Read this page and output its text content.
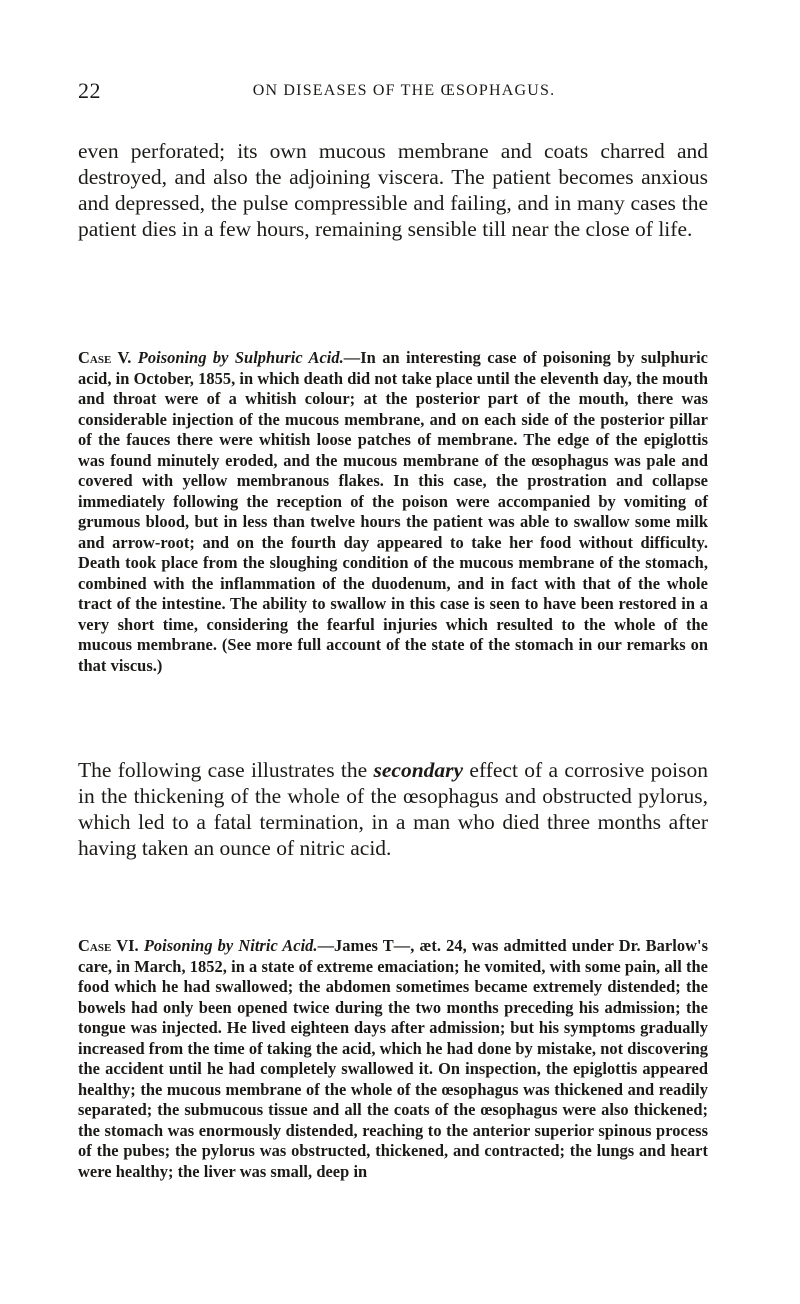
22	ON DISEASES OF THE ŒSOPHAGUS.

even perforated; its own mucous membrane and coats charred and destroyed, and also the adjoining viscera. The patient becomes anxious and depressed, the pulse compressible and failing, and in many cases the patient dies in a few hours, remaining sensible till near the close of life.

Case V. Poisoning by Sulphuric Acid.—In an interesting case of poisoning by sulphuric acid, in October, 1855, in which death did not take place until the eleventh day, the mouth and throat were of a whitish colour; at the posterior part of the mouth, there was considerable injection of the mucous membrane, and on each side of the posterior pillar of the fauces there were whitish loose patches of membrane. The edge of the epiglottis was found minutely eroded, and the mucous membrane of the œsophagus was pale and covered with yellow membranous flakes. In this case, the prostration and collapse immediately following the reception of the poison were accompanied by vomiting of grumous blood, but in less than twelve hours the patient was able to swallow some milk and arrow-root; and on the fourth day appeared to take her food without difficulty. Death took place from the sloughing condition of the mucous membrane of the stomach, combined with the inflammation of the duodenum, and in fact with that of the whole tract of the intestine. The ability to swallow in this case is seen to have been restored in a very short time, considering the fearful injuries which resulted to the whole of the mucous membrane. (See more full account of the state of the stomach in our remarks on that viscus.)

The following case illustrates the secondary effect of a corrosive poison in the thickening of the whole of the œsophagus and obstructed pylorus, which led to a fatal termination, in a man who died three months after having taken an ounce of nitric acid.

Case VI. Poisoning by Nitric Acid.—James T—, æt. 24, was admitted under Dr. Barlow's care, in March, 1852, in a state of extreme emaciation; he vomited, with some pain, all the food which he had swallowed; the abdomen sometimes became extremely distended; the bowels had only been opened twice during the two months preceding his admission; the tongue was injected. He lived eighteen days after admission; but his symptoms gradually increased from the time of taking the acid, which he had done by mistake, not discovering the accident until he had completely swallowed it. On inspection, the epiglottis appeared healthy; the mucous membrane of the whole of the œsophagus was thickened and readily separated; the submucous tissue and all the coats of the œsophagus were also thickened; the stomach was enormously distended, reaching to the anterior superior spinous process of the pubes; the pylorus was obstructed, thickened, and contracted; the lungs and heart were healthy; the liver was small, deep in
